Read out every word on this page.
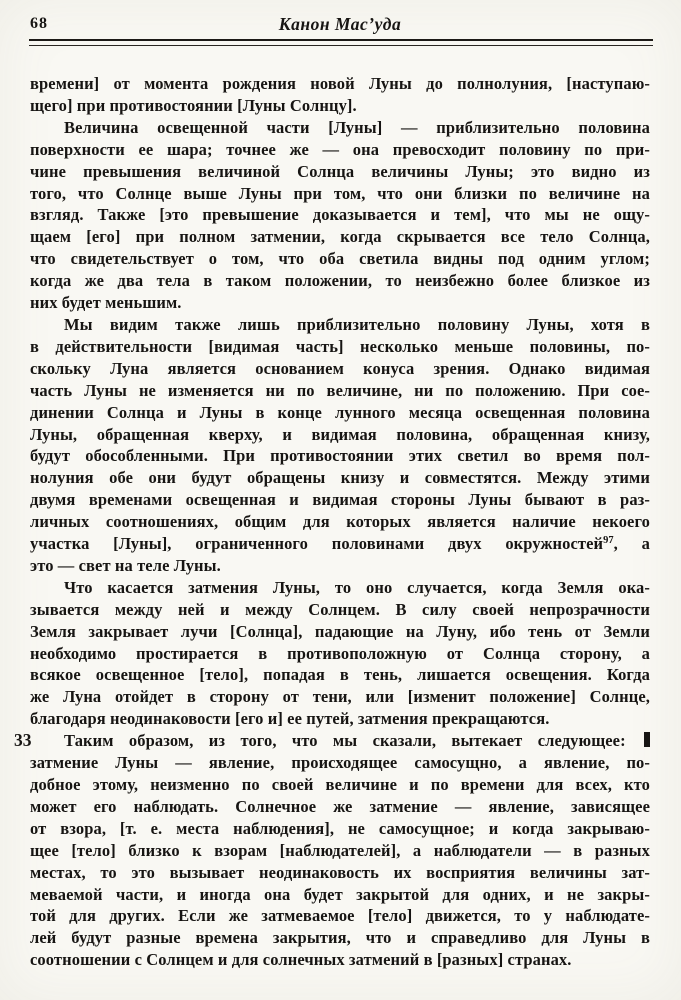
68	Канон Мас’уда
33
времени] от момента рождения новой Луны до полнолуния, [наступаю-
щего] при противостоянии [Луны Солнцу].
Величина освещенной части [Луны] — приблизительно половина
поверхности ее шара; точнее же — она превосходит половину по при-
чине превышения величиной Солнца величины Луны; это видно из
того, что Солнце выше Луны при том, что они близки по величине на
взгляд. Также [это превышение доказывается и тем], что мы не ощу-
щаем [его] при полном затмении, когда скрывается все тело Солнца,
что свидетельствует о том, что оба светила видны под одним углом;
когда же два тела в таком положении, то неизбежно более близкое из
них будет меньшим.
Мы видим также лишь приблизительно половину Луны, хотя в
в действительности [видимая часть] несколько меньше половины, по-
скольку Луна является основанием конуса зрения. Однако видимая
часть Луны не изменяется ни по величине, ни по положению. При сое-
динении Солнца и Луны в конце лунного месяца освещенная половина
Луны, обращенная кверху, и видимая половина, обращенная книзу,
будут обособленными. При противостоянии этих светил во время пол-
нолуния обе они будут обращены книзу и совместятся. Между этими
двумя временами освещенная и видимая стороны Луны бывают в раз-
личных соотношениях, общим для которых является наличие некоего
участка [Луны], ограниченного половинами двух окружностей$^{97}$, а
это — свет на теле Луны.
Что касается затмения Луны, то оно случается, когда Земля ока-
зывается между ней и между Солнцем. В силу своей непрозрачности
Земля закрывает лучи [Солнца], падающие на Луну, ибо тень от Земли
необходимо простирается в противоположную от Солнца сторону, а
всякое освещенное [тело], попадая в тень, лишается освещения. Когда
же Луна отойдет в сторону от тени, или [изменит положение] Солнце,
благодаря неодинаковости [его и] ее путей, затмения прекращаются.
Таким образом, из того, что мы сказали, вытекает следующее:
затмение Луны — явление, происходящее самосущно, а явление, по-
добное этому, неизменно по своей величине и по времени для всех, кто
может его наблюдать. Солнечное же затмение — явление, зависящее
от взора, [т. е. места наблюдения], не самосущное; и когда закрываю-
щее [тело] близко к взорам [наблюдателей], а наблюдатели — в разных
местах, то это вызывает неодинаковость их восприятия величины зат-
меваемой части, и иногда она будет закрытой для одних, и не закры-
той для других. Если же затмеваемое [тело] движется, то у наблюдате-
лей будут разные времена закрытия, что и справедливо для Луны в
соотношении с Солнцем и для солнечных затмений в [разных] странах.
